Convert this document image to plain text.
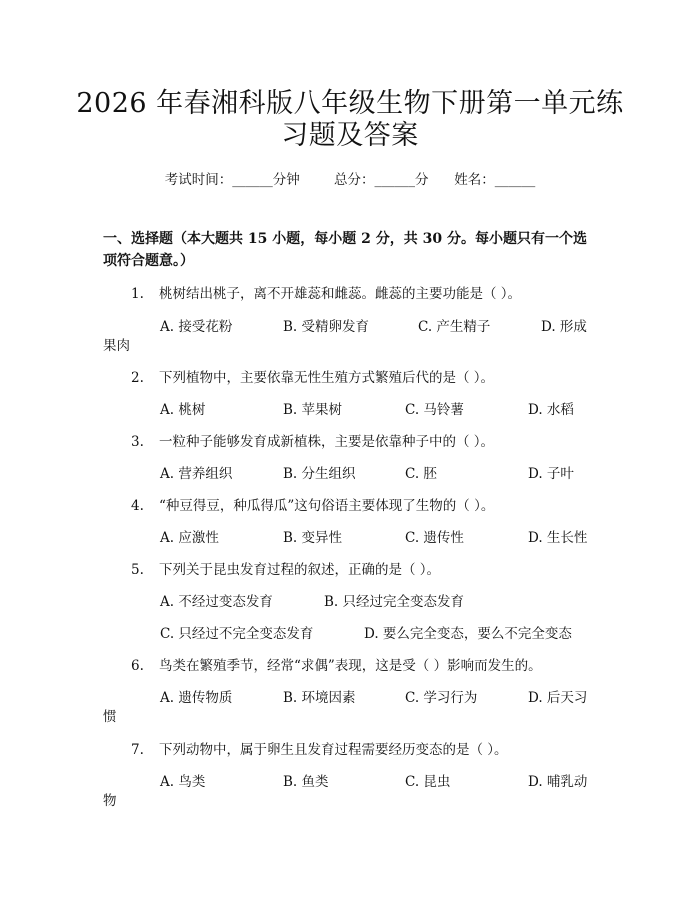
2026 年春湘科版八年级生物下册第一单元练
习题及答案
考试时间：______分钟	总分：______分 姓名：______
一、选择题（本大题共 15 小题，每小题 2 分，共 30 分。每小题只有一个选项符合题意。）
1. 桃树结出桃子，离不开雄蕊和雌蕊。雌蕊的主要功能是（ ）。
A. 接受花粉	B. 受精卵发育	C. 产生精子	D. 形成
果肉
2. 下列植物中，主要依靠无性生殖方式繁殖后代的是（ ）。
A. 桃树	B. 苹果树	C. 马铃薯	D. 水稻
3. 一粒种子能够发育成新植株，主要是依靠种子中的（ ）。
A. 营养组织	B. 分生组织	C. 胚	D. 子叶
4. “种豆得豆，种瓜得瓜”这句俗语主要体现了生物的（ ）。
A. 应激性	B. 变异性	C. 遗传性	D. 生长性
5. 下列关于昆虫发育过程的叙述，正确的是（ ）。
A. 不经过变态发育	B. 只经过完全变态发育
C. 只经过不完全变态发育	D. 要么完全变态，要么不完全变态
6. 鸟类在繁殖季节，经常“求偶”表现，这是受（ ）影响而发生的。
A. 遗传物质	B. 环境因素	C. 学习行为	D. 后天习
惯
7. 下列动物中，属于卵生且发育过程需要经历变态的是（ ）。
A. 鸟类	B. 鱼类	C. 昆虫	D. 哺乳动
物
